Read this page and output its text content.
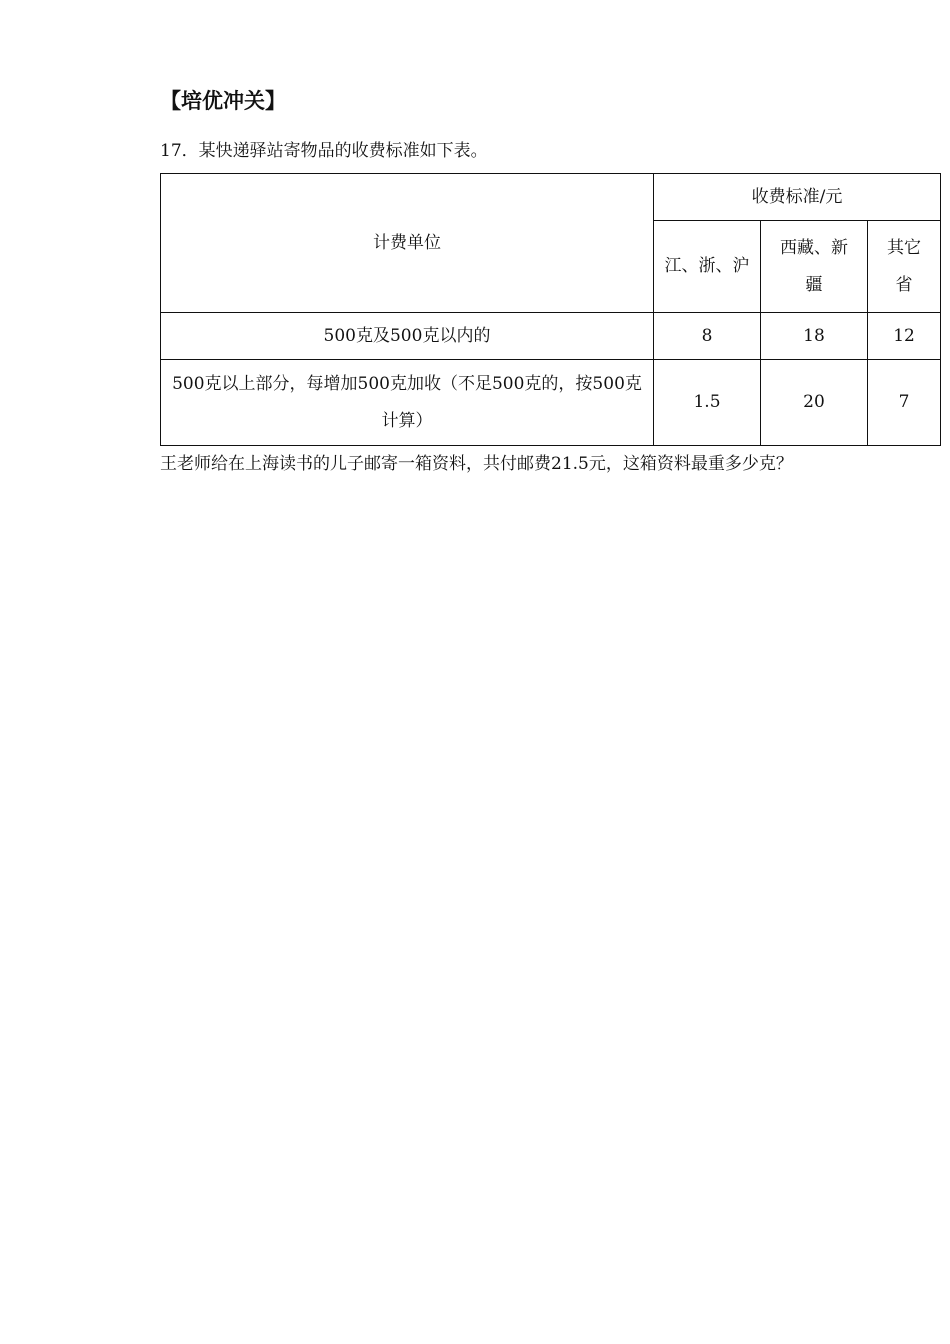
【培优冲关】
17．某快递驿站寄物品的收费标准如下表。
计费单位	收费标准/元		

	江、浙、沪	西藏、新疆	其它省

500克及500克以内的	8	18	12
500克以上部分，每增加500克加收（不足500克的，按500克计算）	1.5	20	7
王老师给在上海读书的儿子邮寄一箱资料，共付邮费21.5元，这箱资料最重多少克？
